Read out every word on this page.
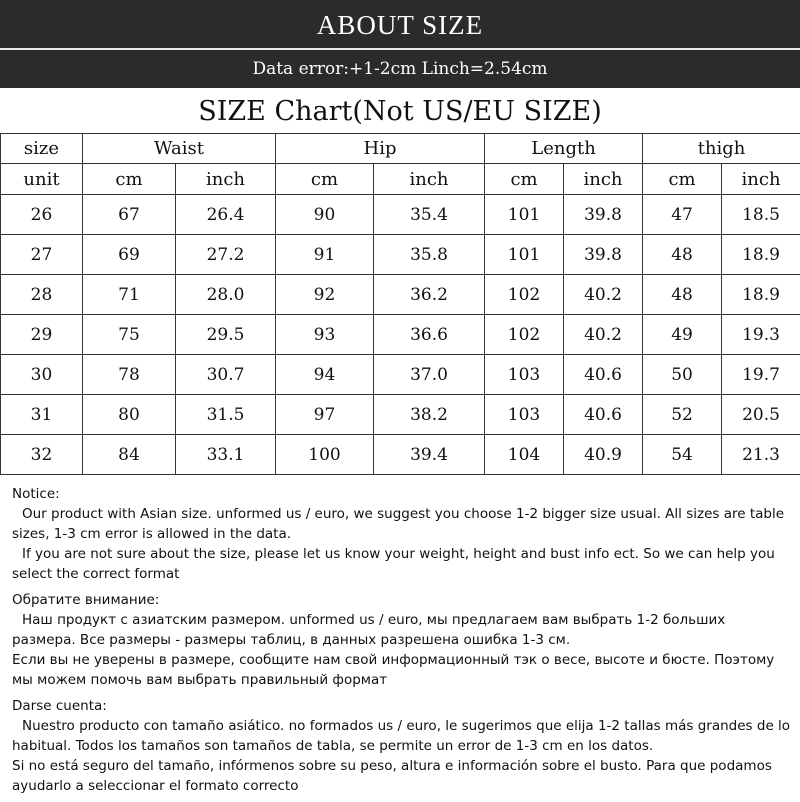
ABOUT SIZE
Data error:+1-2cm Linch=2.54cm
SIZE Chart(Not US/EU SIZE)
size	Waist		Hip		Length		thigh	
unit	cm	inch	cm	inch	cm	inch	cm	inch
26	67	26.4	90	35.4	101	39.8	47	18.5
27	69	27.2	91	35.8	101	39.8	48	18.9
28	71	28.0	92	36.2	102	40.2	48	18.9
29	75	29.5	93	36.6	102	40.2	49	19.3
30	78	30.7	94	37.0	103	40.6	50	19.7
31	80	31.5	97	38.2	103	40.6	52	20.5
32	84	33.1	100	39.4	104	40.9	54	21.3

Notice:

Our product with Asian size. unformed us / euro, we suggest you choose 1-2 bigger size usual. All sizes are table sizes, 1-3 cm error is allowed in the data.

If you are not sure about the size, please let us know your weight, height and bust info ect. So we can help you select the correct format

Обратите внимание:

Наш продукт с азиатским размером. unformed us / euro, мы предлагаем вам выбрать 1-2 больших размера. Все размеры - размеры таблиц, в данных разрешена ошибка 1-3 см.

Если вы не уверены в размере, сообщите нам свой информационный тэк о весе, высоте и бюсте. Поэтому мы можем помочь вам выбрать правильный формат

Darse cuenta:

Nuestro producto con tamaño asiático. no formados us / euro, le sugerimos que elija 1-2 tallas más grandes de lo habitual. Todos los tamaños son tamaños de tabla, se permite un error de 1-3 cm en los datos.

Si no está seguro del tamaño, infórmenos sobre su peso, altura e información sobre el busto. Para que podamos ayudarlo a seleccionar el formato correcto
